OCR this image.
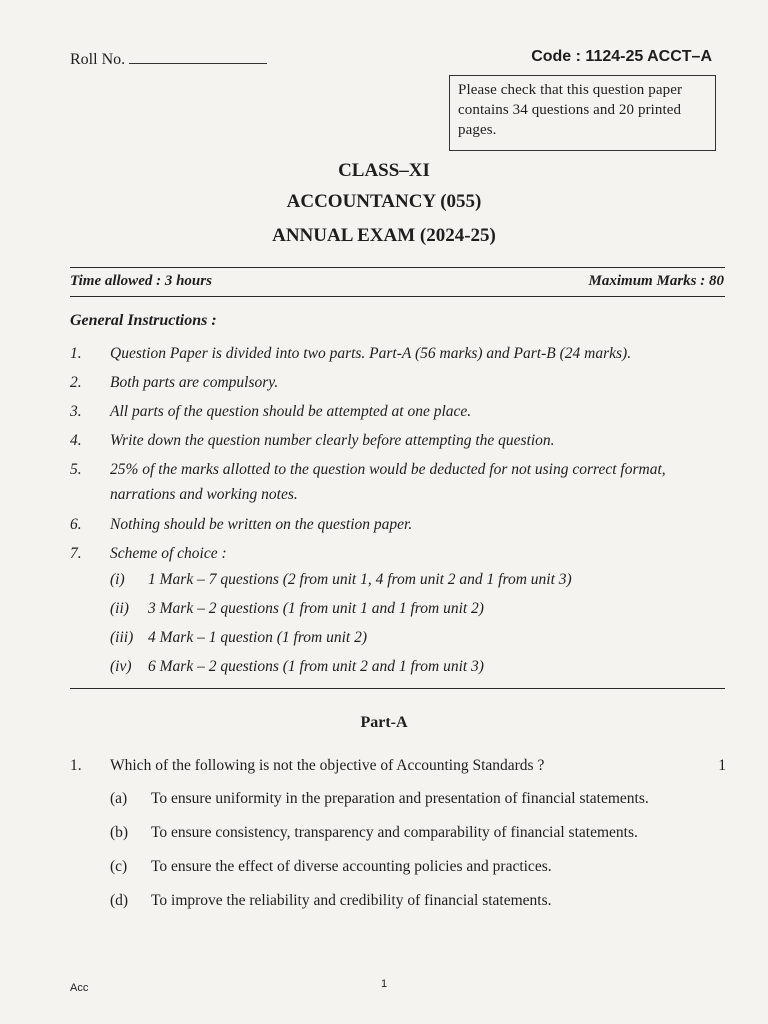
Roll No.	Code : 1124-25 ACCT–A
Please check that this question paper contains 34 questions and 20 printed pages.
CLASS–XI
ACCOUNTANCY (055)
ANNUAL EXAM (2024-25)
Time allowed : 3 hours	Maximum Marks : 80
General Instructions :
1. Question Paper is divided into two parts. Part-A (56 marks) and Part-B (24 marks).
2. Both parts are compulsory.
3. All parts of the question should be attempted at one place.
4. Write down the question number clearly before attempting the question.
5. 25% of the marks allotted to the question would be deducted for not using correct format, narrations and working notes.
6. Nothing should be written on the question paper.
7. Scheme of choice :
(i) 1 Mark – 7 questions (2 from unit 1, 4 from unit 2 and 1 from unit 3)
(ii) 3 Mark – 2 questions (1 from unit 1 and 1 from unit 2)
(iii) 4 Mark – 1 question (1 from unit 2)
(iv) 6 Mark – 2 questions (1 from unit 2 and 1 from unit 3)
Part-A
1. Which of the following is not the objective of Accounting Standards ?	1
(a) To ensure uniformity in the preparation and presentation of financial statements.
(b) To ensure consistency, transparency and comparability of financial statements.
(c) To ensure the effect of diverse accounting policies and practices.
(d) To improve the reliability and credibility of financial statements.
Acc	1
